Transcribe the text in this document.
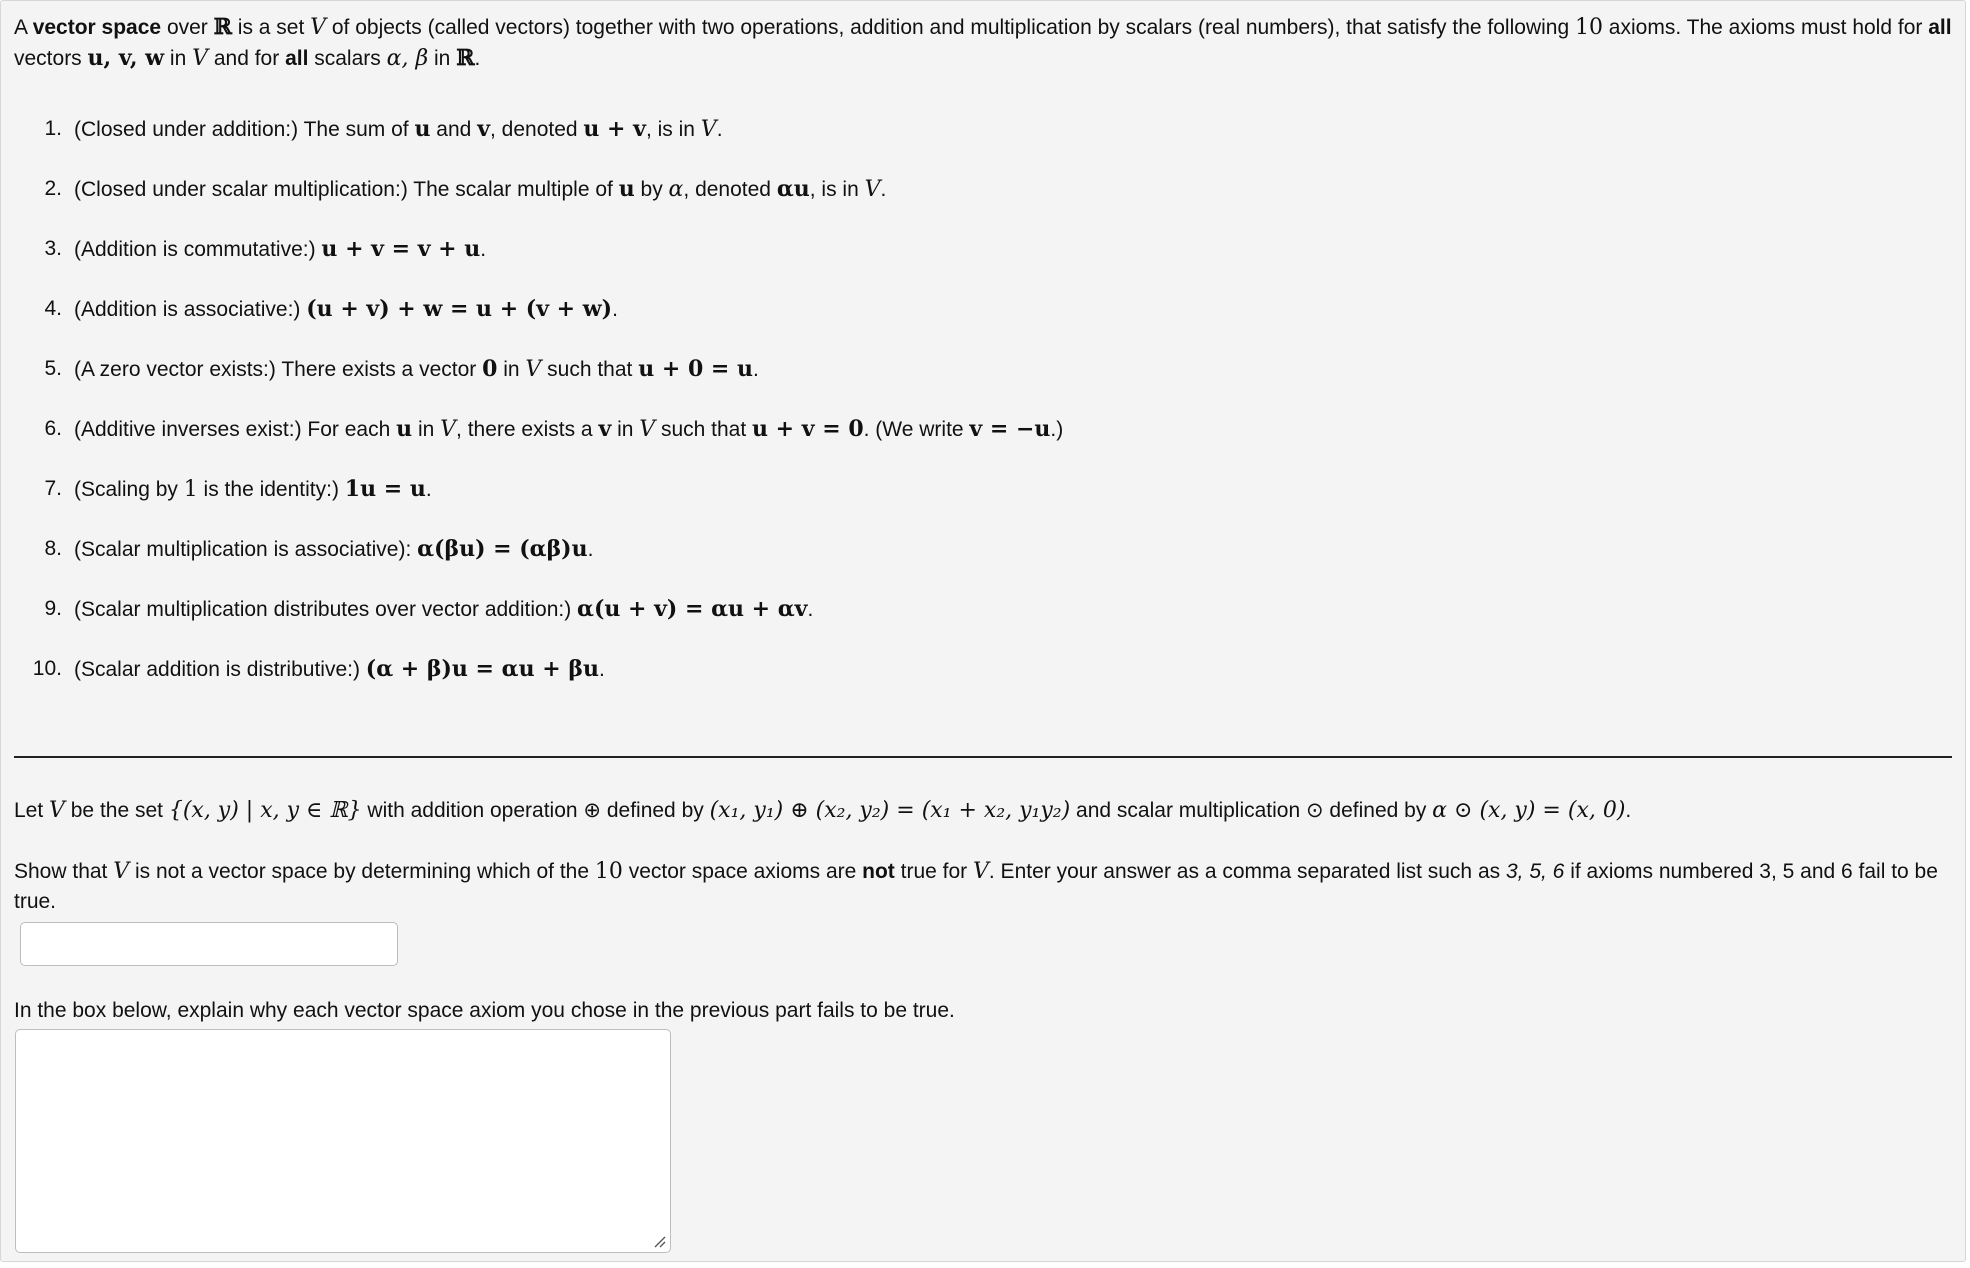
A vector space over ℝ is a set V of objects (called vectors) together with two operations, addition and multiplication by scalars (real numbers), that satisfy the following 10 axioms. The axioms must hold for all vectors u, v, w in V and for all scalars α, β in ℝ.

1. (Closed under addition:) The sum of u and v, denoted u + v, is in V.
2. (Closed under scalar multiplication:) The scalar multiple of u by α, denoted αu, is in V.
3. (Addition is commutative:) u + v = v + u.
4. (Addition is associative:) (u + v) + w = u + (v + w).
5. (A zero vector exists:) There exists a vector 0 in V such that u + 0 = u.
6. (Additive inverses exist:) For each u in V, there exists a v in V such that u + v = 0. (We write v = −u.)
7. (Scaling by 1 is the identity:) 1u = u.
8. (Scalar multiplication is associative): α(βu) = (αβ)u.
9. (Scalar multiplication distributes over vector addition:) α(u + v) = αu + αv.
10. (Scalar addition is distributive:) (α + β)u = αu + βu.

Let V be the set {(x, y) | x, y ∈ ℝ} with addition operation ⊕ defined by (x₁, y₁) ⊕ (x₂, y₂) = (x₁ + x₂, y₁y₂) and scalar multiplication ⊙ defined by α ⊙ (x, y) = (x, 0).

Show that V is not a vector space by determining which of the 10 vector space axioms are not true for V. Enter your answer as a comma separated list such as 3, 5, 6 if axioms numbered 3, 5 and 6 fail to be true.

In the box below, explain why each vector space axiom you chose in the previous part fails to be true.
